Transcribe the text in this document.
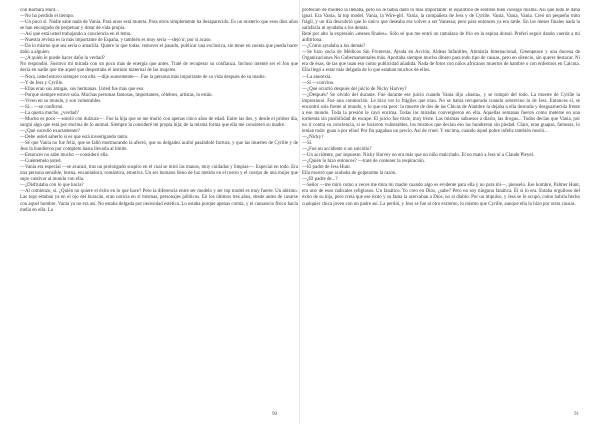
con Barbara Hunt...

—No ha perdido el tiempo.

—Un poco sí. Nadie sabe nada de Vania. Para unos está muerta. Para otros simplemente ha desaparecido. Es un misterio que esos diez años se han encargado de perpetuar y dotar de vida propia.

—Así que está usted trabajando a conciencia en el tema.

—Nuestra revista es la más importante de España, y también es muy seria —dejó ir, por si acaso.

—Da lo mismo que sea seria o amarilla. Quiere lo que todas: remover el pasado, publicar una exclusiva, sin tener en cuenta que pueda hacer daño a alguien.

—¿A quién le puede hacer daño la verdad?

No respondió. Sostuvo mi mirada con un poco más de energía que antes. Traté de recuperar su confianza. Incluso intenté ser el Jon que decía en nadie que me aquel que despertaba el instinto maternal de las mujeres.

—Nora, usted estuvo siempre con ella —dije suavemente—. Fue la persona más importante de su vida después de su madre.

—Y de Jess y Cyrille.

—Ellas eran sus amigas, sus hermanas. Usted fue más que eso.

—Porque siempre estuve sola. Muchas personas famosas, importantes, célebres, artistas, lo están.

—Viven en su mundo, y son vulnerables.

—Sí... —se confirmó.

—La quería mucho, ¿verdad?

—Mucho es poco —sonrió con dulzura—. Fue la hija que se me murió con apenas cinco años de edad. Entre las dos, y desde el primer día, surgió algo que está por encima de lo animal. Siempre la consideré mi propia hija; de la misma forma que ella me consideró su madre.

—¿Qué sucedió exactamente?

—Debe usted saberlo si es que está investigando tanto.

—Sé que Vania no fue feliz, que se falló murmurando la afectó, que su delgadez acabó pasándole factura, y que las muertes de Cyrille y de Jess la hundieron por completo hasta llevarla al límite.

—Entonces no sabe mucho —consideró ella.

—Cuéntemelo usted.

—Vania era especial —se avanzó, tras un prolongado suspiro en el cual se miró las manos, muy cuidadas y limpias—. Especial en todo. Era una persona sensible, buena, encantadora, romántica, emotiva. Un ser humano lleno de luz metido en el rostro y el cuerpo de una mujer que supo cautivar al mundo con ella.

—¿Disfrutaba con lo que hacía?

—Al comienzo, sí. ¿Quién no quiere el éxito en lo que hace? Pero la diferencia entre ser modelo y ser top model es muy fuerte. Un abismo. Las tops estaban ya en el ojo del huracán, eran noticia en sí mismas, personajes públicos. En los últimos tres años, desde antes de casarse con aquel hombre, Vania ya no era así. No estaba delgada por necesidad estética. Lo estaba porque apenas comía, y el cansancio físico hacía mella en ella. La

profesión de modelo la llenaba, pero no le había dado lo más importante: el equilibrio de sentirse bien consigo misma. Así que todo le daba igual. Era Vania, la top model. Vania, la Wire-girl. Vania, la compañera de Jess y de Cyrille. Vania, Vania, Vania. Creó un pequeño mito frágil, y un día descubrió que lo único que deseaba era volver a ser Vanessa; pero para entonces ya era tarde. En los meses finales nada la satisfacía ni ayudaba a los demás.

Reté por alto la expresión «meses finales». Sólo sé que me entró un ramalazo de frío en la espina dorsal. Preferí seguir dando cuerda a mi anfitriona.

—¿Cómo ayudaba a los demás?

—Se hizo socia de Médicos Sin Fronteras, Ayuda en Acción, Aldeas Infantiles, Amnistía Internacional, Greenpeace y una docena de Organizaciones No Gubernamentales más. Aportaba siempre mucho dinero para todo tipo de causas, pero en silencio, sin querer destacar. Ni era de ésas, de las que usan eso como publicidad añadida. Nada de fotos con niños africanos muertos de hambre o con enfermos en Calcuta. Ella llegó a estar más delgada de lo que estaban muchos de ellos.

—La anorexia.

—Sí —convino.

—¿Qué ocurrió después del juicio de Nicky Harvey?

—¿Después? Se olvidó del durante. Fue durante ese juicio cuando Vania dijo «basta», y se rompió del todo. La muerte de Cyrille la impresionó. Fue una conmoción. Le hizo ver lo frágiles que eran. No se había recuperado cuando sobrevino lo de Jess. Entonces sí, se encontró sola frente al mundo, y lo que era peor: la muerte de dos de las Chicas de Alambre la dejaba a ella desnuda y desguarnecida frente a ese mundo. Toda la presión le cayó encima. Todas las miradas convergieron en ella. Aquellas semanas fueron como meterse en una tormenta sin posibilidad de escape. El juicio fue triste, muy triste. Las mismas sabuesos a diario, las drogas... Todos decían que Vania, por no ir contra su conciencia, si se hicieron vulnerables, los mismos que decían eso las hundieron sin piedad. Claro, eran guapas, famosas, lo tenían todo: guau a por ellas! Por fin pagaban un precio. Así de cruel. Y encima, cuando aquel pobre infeliz también murió...

—¿Nicky?

—Sí.

—¿Fue un accidente o un suicidio?

—Un accidente, por supuesto. Nicky Harvey no era más que un niño malcriado. El no mató a Jess ni a Claude Pleyel.

—¿Quién lo hizo entonces? —traté de contener la respiración.

—El padre de Jess Hunt.

Ella mostró que acababa de golpearme la razón.

—¿El padre de...?

—Señor —me miró como a veces me mira mi madre cuando algo es evidente para ella y no para mí—, pienselo. Ese hombre, Palmer Hunt, era uno de esos radicales religiosos. Un fanático. Yo creo en Dios, ¿sabe? Pero no soy ninguna fanática. Él sí lo era. Estaba orgulloso del éxito de su hija, pero creía que ese éxito y su fama la acercaban a Dios, no al diablo. Por un impulso, y Jess se lo ocupó, como habría hecho cualquier chica joven con un padre así. La perdió, y Jess se fue al otro extremo, lo mismo que Cyrille, aunque ella lo hizo por otras causas.

90	91
